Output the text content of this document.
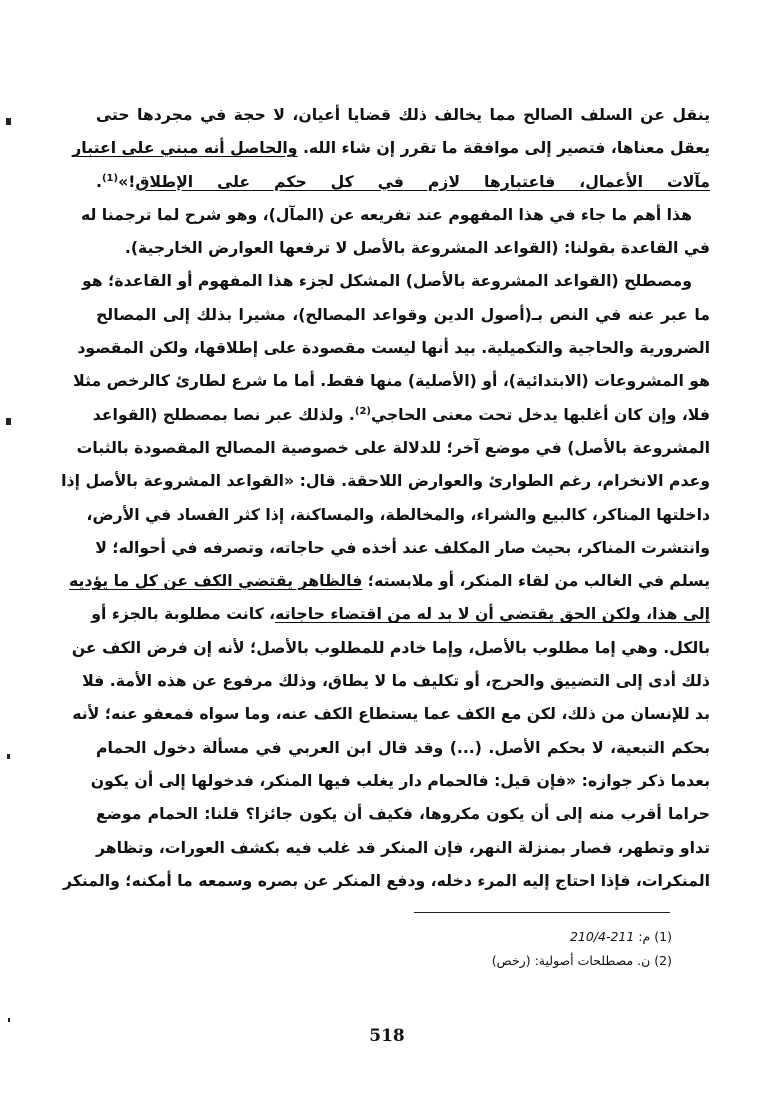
ينقل عن السلف الصالح مما يخالف ذلك قضايا أعيان، لا حجة في مجردها حتى
يعقل معناها، فتصير إلى موافقة ما تقرر إن شاء الله. والحاصل أنه مبني على اعتبار
مآلات الأعمال، فاعتبارها لازم في كل حكم على الإطلاق!»$^{(1)}$.
هذا أهم ما جاء في هذا المفهوم عند تفريعه عن (المآل)، وهو شرح لما ترجمنا له
في القاعدة بقولنا: (القواعد المشروعة بالأصل لا ترفعها العوارض الخارجية).
ومصطلح (القواعد المشروعة بالأصل) المشكل لجزء هذا المفهوم أو القاعدة؛ هو
ما عبر عنه في النص بـ(أصول الدين وقواعد المصالح)، مشيرا بذلك إلى المصالح
الضرورية والحاجية والتكميلية. بيد أنها ليست مقصودة على إطلاقها، ولكن المقصود
هو المشروعات (الابتدائية)، أو (الأصلية) منها فقط. أما ما شرع لطارئ كالرخص مثلا
فلا، وإن كان أغلبها يدخل تحت معنى الحاجي$^{(2)}$. ولذلك عبر نصا بمصطلح (القواعد
المشروعة بالأصل) في موضع آخر؛ للدلالة على خصوصية المصالح المقصودة بالثبات
وعدم الانخرام، رغم الطوارئ والعوارض اللاحقة. قال: «القواعد المشروعة بالأصل إذا
داخلتها المناكر، كالبيع والشراء، والمخالطة، والمساكنة، إذا كثر الفساد في الأرض،
وانتشرت المناكر، بحيث صار المكلف عند أخذه في حاجاته، وتصرفه في أحواله؛ لا
يسلم في الغالب من لقاء المنكر، أو ملابسته؛ فالظاهر يقتضي الكف عن كل ما يؤديه
إلى هذا، ولكن الحق يقتضي أن لا بد له من اقتضاء حاجاته، كانت مطلوبة بالجزء أو
بالكل. وهي إما مطلوب بالأصل، وإما خادم للمطلوب بالأصل؛ لأنه إن فرض الكف عن
ذلك أدى إلى التضييق والحرج، أو تكليف ما لا يطاق، وذلك مرفوع عن هذه الأمة. فلا
بد للإنسان من ذلك، لكن مع الكف عما يستطاع الكف عنه، وما سواه فمعفو عنه؛ لأنه
بحكم التبعية، لا بحكم الأصل. (...) وقد قال ابن العربي في مسألة دخول الحمام
بعدما ذكر جوازه: «فإن قيل: فالحمام دار يغلب فيها المنكر، فدخولها إلى أن يكون
حراما أقرب منه إلى أن يكون مكروها، فكيف أن يكون جائزا؟ قلنا: الحمام موضع
تداو وتطهر، فصار بمنزلة النهر، فإن المنكر قد غلب فيه بكشف العورات، وتظاهر
المنكرات، فإذا احتاج إليه المرء دخله، ودفع المنكر عن بصره وسمعه ما أمكنه؛ والمنكر
(1) م: 211-210/4
(2) ن. مصطلحات أصولية: (رخص)
518
